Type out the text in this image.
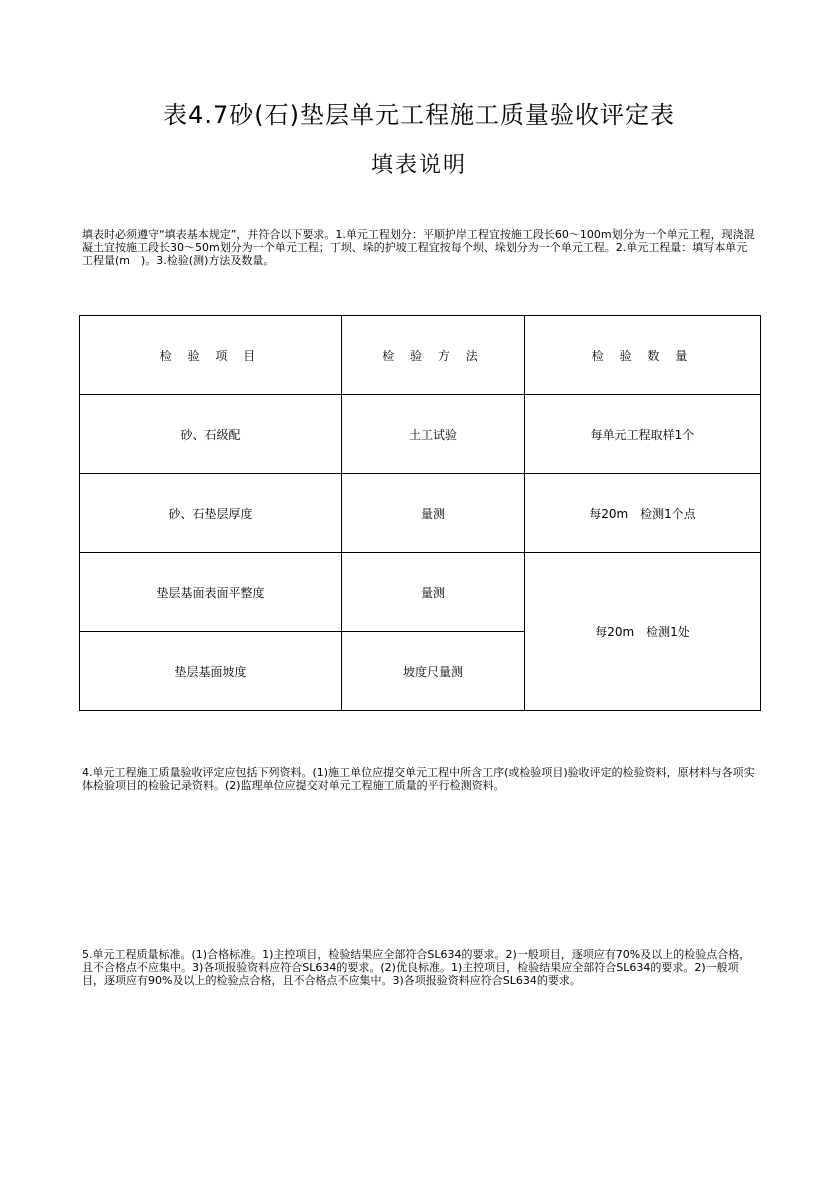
表4.7砂(石)垫层单元工程施工质量验收评定表
填表说明
填表时必须遵守“填表基本规定”，并符合以下要求。1.单元工程划分：平顺护岸工程宜按施工段长60～100m划分为一个单元工程，现浇混凝土宜按施工段长30～50m划分为一个单元工程；丁坝、垛的护坡工程宜按每个坝、垛划分为一个单元工程。2.单元工程量：填写本单元工程量(m　)。3.检验(测)方法及数量。
检 验 项 目	检 验 方 法	检 验 数 量
砂、石级配	土工试验	每单元工程取样1个
砂、石垫层厚度	量测	每20m　检测1个点
垫层基面表面平整度	量测	每20m　检测1处
垫层基面坡度	坡度尺量测	
4.单元工程施工质量验收评定应包括下列资料。(1)施工单位应提交单元工程中所含工序(或检验项目)验收评定的检验资料，原材料与各项实体检验项目的检验记录资料。(2)监理单位应提交对单元工程施工质量的平行检测资料。
5.单元工程质量标准。(1)合格标准。1)主控项目，检验结果应全部符合SL634的要求。2)一般项目，逐项应有70%及以上的检验点合格，且不合格点不应集中。3)各项报验资料应符合SL634的要求。(2)优良标准。1)主控项目，检验结果应全部符合SL634的要求。2)一般项目，逐项应有90%及以上的检验点合格，且不合格点不应集中。3)各项报验资料应符合SL634的要求。
